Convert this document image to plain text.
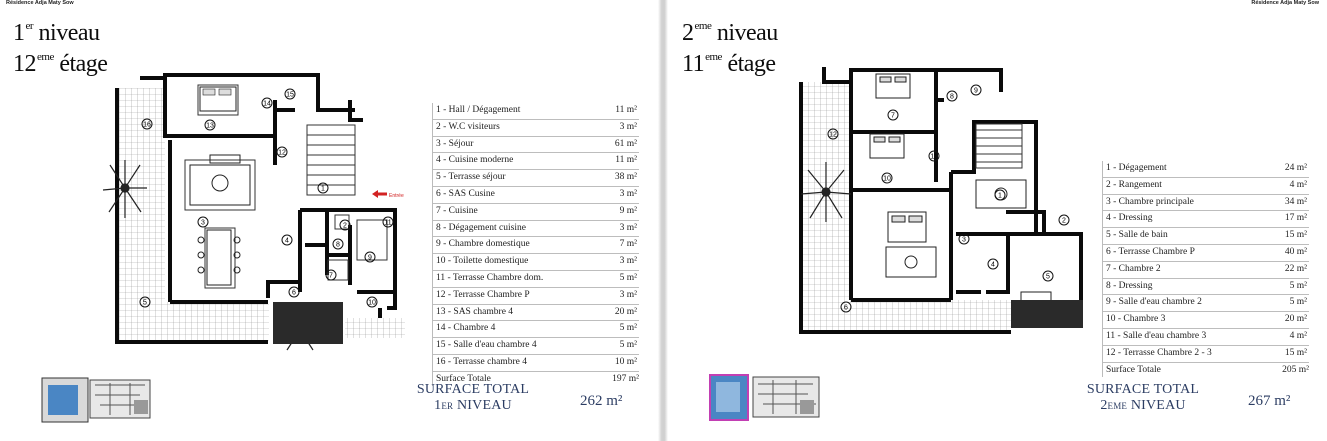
Résidence Adja Maty Sow
1er niveau
12eme étage
13
14
15
16
12
1
2
3
4
5
6
7
8
9
11
10
Entrée
1 - Hall / Dégagement	11 m²
2 - W.C visiteurs	3 m²
3 - Séjour	61 m²
4 - Cuisine moderne	11 m²
5 - Terrasse séjour	38 m²
6 - SAS Cusine	3 m²
7 - Cuisine	9 m²
8 - Dégagement cuisine	3 m²
9 - Chambre domestique	7 m²
10 - Toilette domestique	3 m²
11 - Terrasse Chambre dom.	5 m²
12 - Terrasse Chambre P	3 m²
13 - SAS chambre 4	20 m²
14 - Chambre 4	5 m²
15 - Salle d'eau chambre 4	5 m²
16 - Terrasse chambre 4	10 m²
Surface Totale	197 m²
SURFACE TOTAL
1ER NIVEAU	262 m²
Résidence Adja Maty Sow
2eme niveau
11eme étage
1
2
3
4
5
6
7
8
9
10
11
12
1 - Dégagement	24 m²
2 - Rangement	4 m²
3 - Chambre principale	34 m²
4 - Dressing	17 m²
5 - Salle de bain	15 m²
6 - Terrasse Chambre P	40 m²
7 - Chambre 2	22 m²
8 - Dressing	5 m²
9 - Salle d'eau chambre 2	5 m²
10 - Chambre 3	20 m²
11 - Salle d'eau chambre 3	4 m²
12 - Terrasse Chambre 2 - 3	15 m²
Surface Totale	205 m²
SURFACE TOTAL
2EME NIVEAU	267 m²
